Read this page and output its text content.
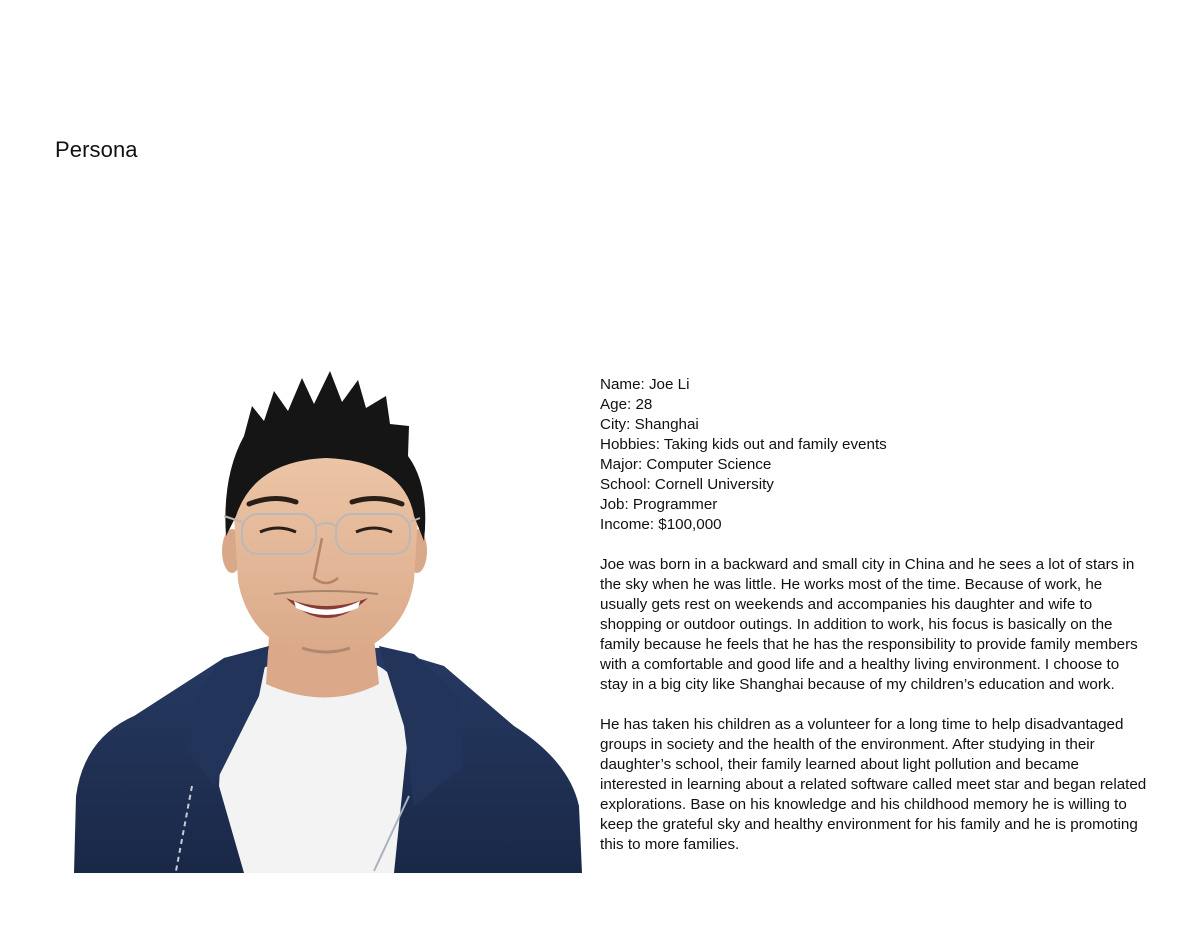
Persona
Name: Joe Li
Age: 28
City: Shanghai
Hobbies: Taking kids out and family events
Major: Computer Science
School: Cornell University
Job: Programmer
Income: $100,000

Joe was born in a backward and small city in China and he sees a lot of stars in the sky when he was little. He works most of the time. Because of work, he usually gets rest on weekends and accompanies his daughter and wife to shopping or outdoor outings. In addition to work, his focus is basically on the family because he feels that he has the responsibility to provide family members with a comfortable and good life and a healthy living environment. I choose to stay in a big city like Shanghai because of my children’s education and work.

He has taken his children as a volunteer for a long time to help disadvantaged groups in society and the health of the environment. After studying in their daughter’s school, their family learned about light pollution and became interested in learning about a related software called meet star and began related explorations. Base on his knowledge and his childhood memory he is willing to keep the grateful sky and healthy environment for his family and he is promoting this to more families.
